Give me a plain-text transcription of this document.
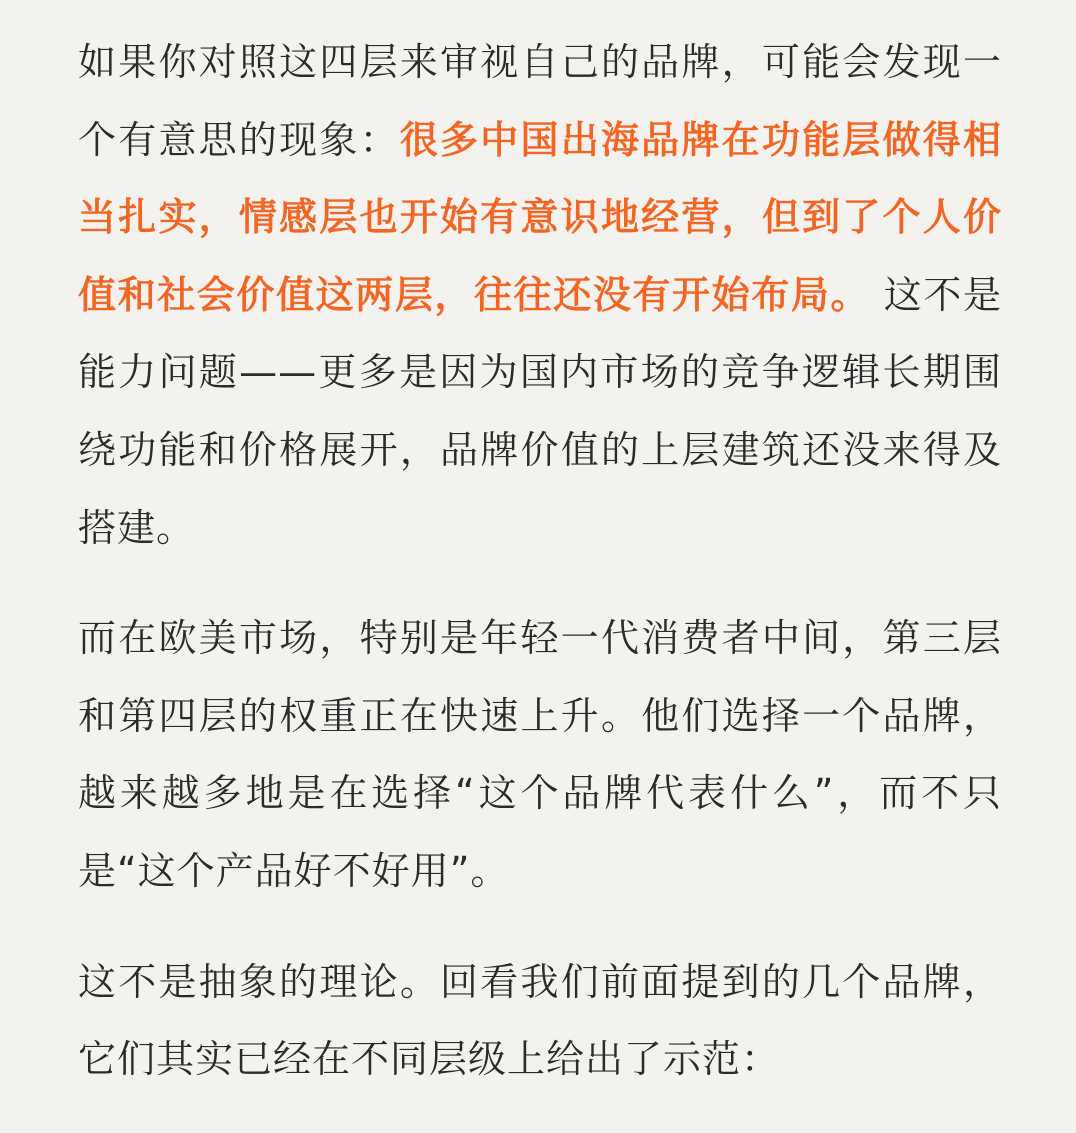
如果你对照这四层来审视自己的品牌，可能会发现一个有意思的现象：很多中国出海品牌在功能层做得相当扎实，情感层也开始有意识地经营，但到了个人价值和社会价值这两层，往往还没有开始布局。 这不是能力问题——更多是因为国内市场的竞争逻辑长期围绕功能和价格展开，品牌价值的上层建筑还没来得及搭建。

而在欧美市场，特别是年轻一代消费者中间，第三层和第四层的权重正在快速上升。他们选择一个品牌，越来越多地是在选择“这个品牌代表什么”，而不只是“这个产品好不好用”。

这不是抽象的理论。回看我们前面提到的几个品牌，它们其实已经在不同层级上给出了示范：
